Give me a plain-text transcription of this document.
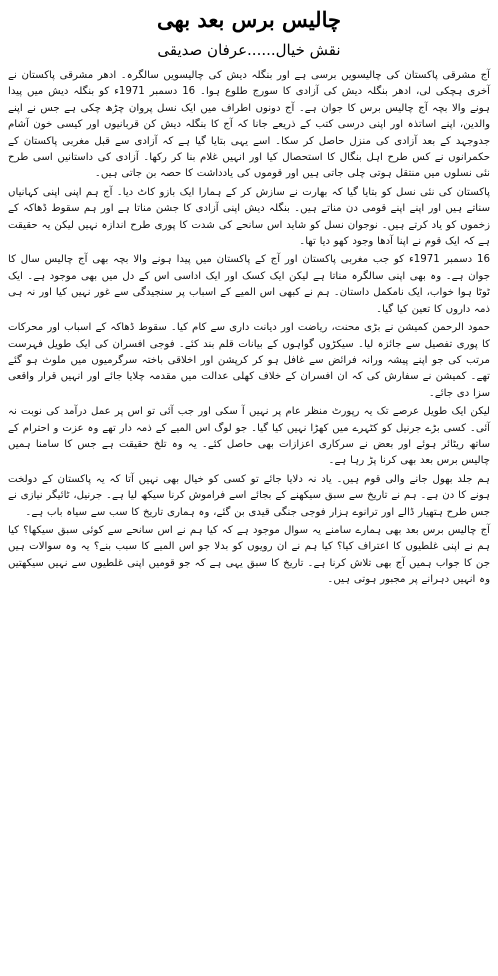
چالیس برس بعد بھی
نقش خیال......عرفان صدیقی

آج مشرقی پاکستان کی چالیسویں برسی ہے اور بنگلہ دیش کی چالیسویں سالگرہ۔ ادھر مشرقی پاکستان نے آخری ہچکی لی، ادھر بنگلہ دیش کی آزادی کا سورج طلوع ہوا۔ 16 دسمبر 1971ء کو بنگلہ دیش میں پیدا ہونے والا بچہ آج چالیس برس کا جوان ہے۔ آج دونوں اطراف میں ایک نسل پروان چڑھ چکی ہے جس نے اپنے والدین، اپنے اساتذہ اور اپنی درسی کتب کے ذریعے جانا کہ آج کا بنگلہ دیش کن قربانیوں اور کیسی خون آشام جدوجہد کے بعد آزادی کی منزل حاصل کر سکا۔ اسے یہی بتایا گیا ہے کہ آزادی سے قبل مغربی پاکستان کے حکمرانوں نے کس طرح اہل بنگال کا استحصال کیا اور انہیں غلام بنا کر رکھا۔ آزادی کی داستانیں اسی طرح نئی نسلوں میں منتقل ہوتی چلی جاتی ہیں اور قوموں کی یادداشت کا حصہ بن جاتی ہیں۔

پاکستان کی نئی نسل کو بتایا گیا کہ بھارت نے سازش کر کے ہمارا ایک بازو کاٹ دیا۔ آج ہم اپنی اپنی کہانیاں سناتے ہیں اور اپنے اپنے قومی دن مناتے ہیں۔ بنگلہ دیش اپنی آزادی کا جشن مناتا ہے اور ہم سقوط ڈھاکہ کے زخموں کو یاد کرتے ہیں۔ نوجوان نسل کو شاید اس سانحے کی شدت کا پوری طرح اندازہ نہیں لیکن یہ حقیقت ہے کہ ایک قوم نے اپنا آدھا وجود کھو دیا تھا۔

16 دسمبر 1971ء کو جب مغربی پاکستان اور آج کے پاکستان میں پیدا ہونے والا بچہ بھی آج چالیس سال کا جوان ہے۔ وہ بھی اپنی سالگرہ مناتا ہے لیکن ایک کسک اور ایک اداسی اس کے دل میں بھی موجود ہے۔ ایک ٹوٹا ہوا خواب، ایک نامکمل داستان۔ ہم نے کبھی اس المیے کے اسباب پر سنجیدگی سے غور نہیں کیا اور نہ ہی ذمہ داروں کا تعین کیا گیا۔

حمود الرحمن کمیشن نے بڑی محنت، ریاضت اور دیانت داری سے کام کیا۔ سقوط ڈھاکہ کے اسباب اور محرکات کا پوری تفصیل سے جائزہ لیا۔ سیکڑوں گواہوں کے بیانات قلم بند کئے۔ فوجی افسران کی ایک طویل فہرست مرتب کی جو اپنے پیشہ ورانہ فرائض سے غافل ہو کر کرپشن اور اخلاقی باختہ سرگرمیوں میں ملوث ہو گئے تھے۔ کمیشن نے سفارش کی کہ ان افسران کے خلاف کھلی عدالت میں مقدمہ چلایا جائے اور انہیں قرار واقعی سزا دی جائے۔

لیکن ایک طویل عرصے تک یہ رپورٹ منظر عام پر نہیں آ سکی اور جب آئی تو اس پر عمل درآمد کی نوبت نہ آئی۔ کسی بڑے جرنیل کو کٹہرے میں کھڑا نہیں کیا گیا۔ جو لوگ اس المیے کے ذمہ دار تھے وہ عزت و احترام کے ساتھ ریٹائر ہوئے اور بعض نے سرکاری اعزازات بھی حاصل کئے۔ یہ وہ تلخ حقیقت ہے جس کا سامنا ہمیں چالیس برس بعد بھی کرنا پڑ رہا ہے۔

ہم جلد بھول جانے والی قوم ہیں۔ یاد نہ دلایا جائے تو کسی کو خیال بھی نہیں آتا کہ یہ پاکستان کے دولخت ہونے کا دن ہے۔ ہم نے تاریخ سے سبق سیکھنے کے بجائے اسے فراموش کرنا سیکھ لیا ہے۔ جرنیل، ٹائیگر نیازی نے جس طرح ہتھیار ڈالے اور ترانوے ہزار فوجی جنگی قیدی بن گئے، وہ ہماری تاریخ کا سب سے سیاہ باب ہے۔

آج چالیس برس بعد بھی ہمارے سامنے یہ سوال موجود ہے کہ کیا ہم نے اس سانحے سے کوئی سبق سیکھا؟ کیا ہم نے اپنی غلطیوں کا اعتراف کیا؟ کیا ہم نے ان رویوں کو بدلا جو اس المیے کا سبب بنے؟ یہ وہ سوالات ہیں جن کا جواب ہمیں آج بھی تلاش کرنا ہے۔ تاریخ کا سبق یہی ہے کہ جو قومیں اپنی غلطیوں سے نہیں سیکھتیں وہ انہیں دہرانے پر مجبور ہوتی ہیں۔
